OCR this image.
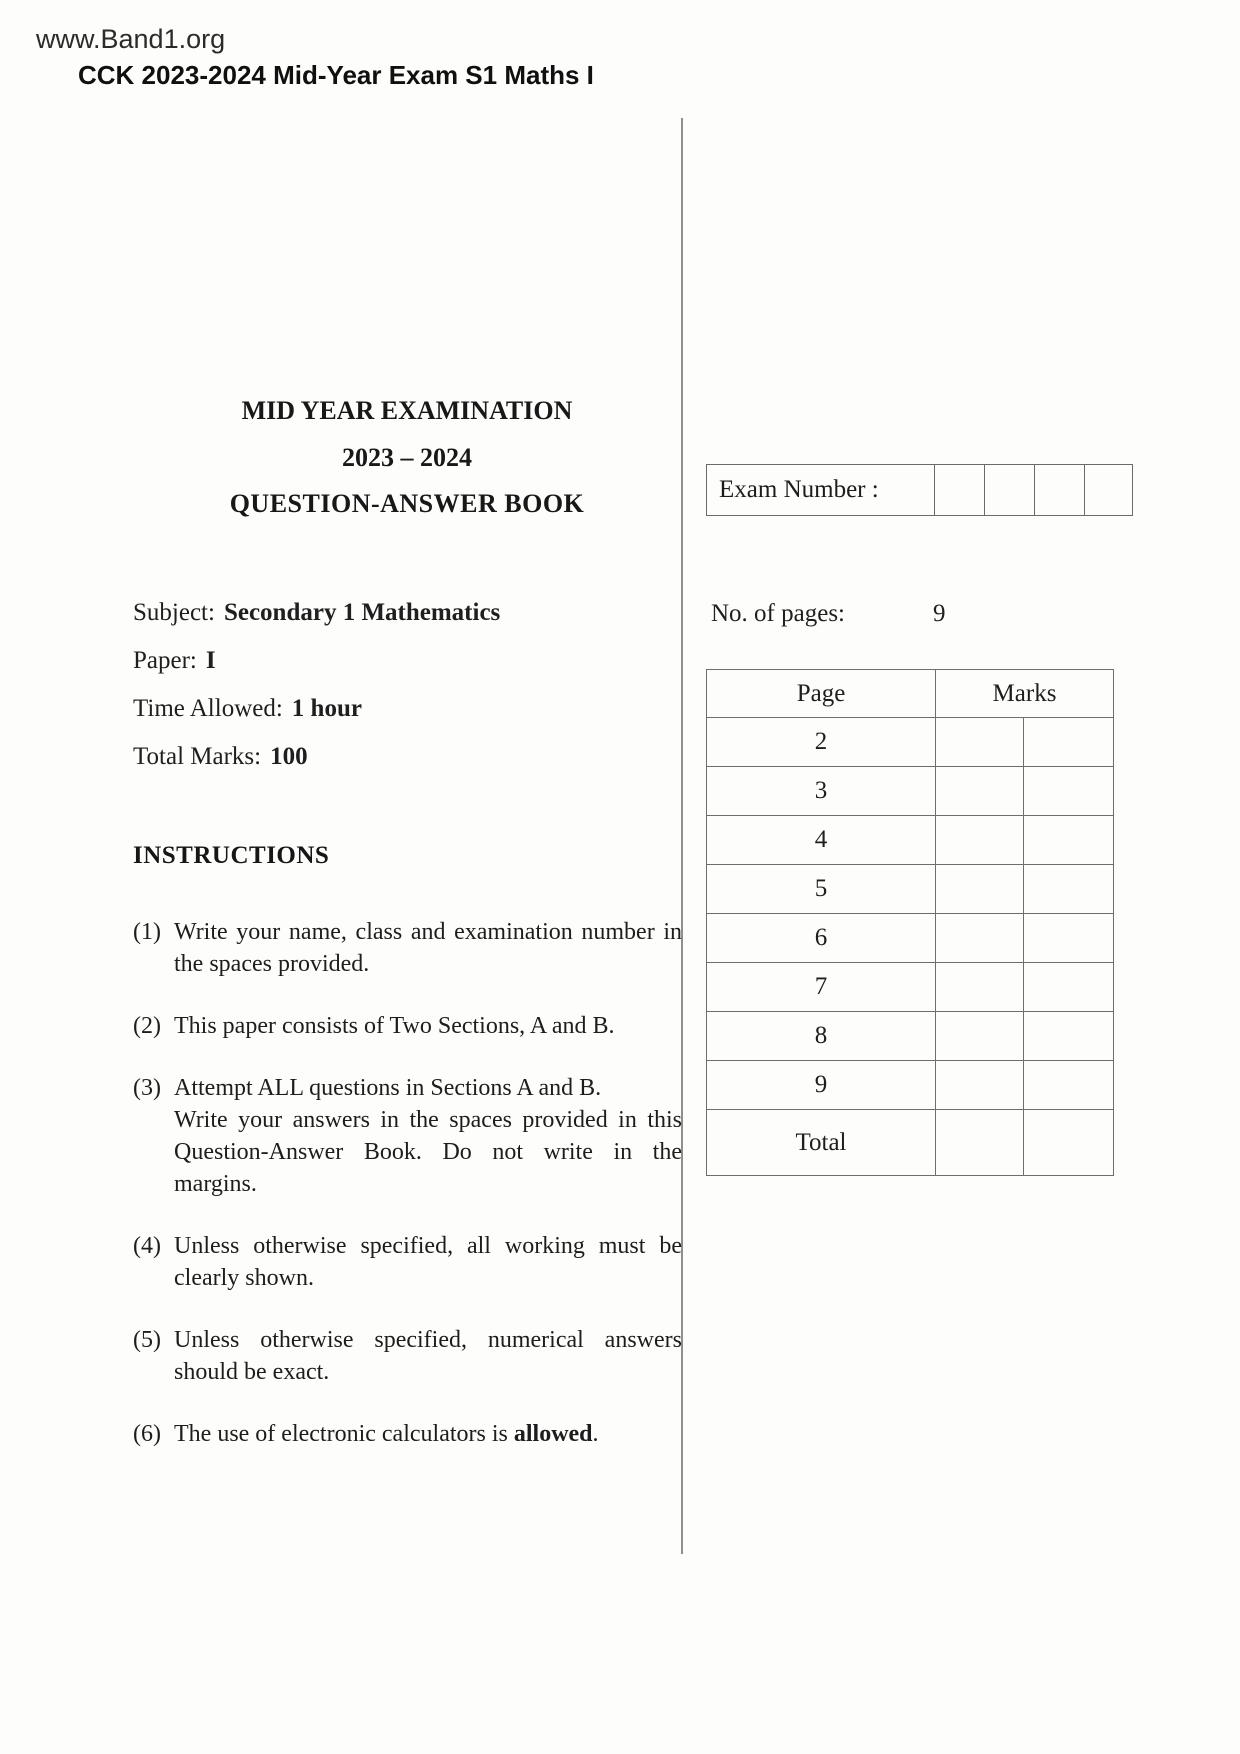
www.Band1.org
CCK 2023-2024 Mid-Year Exam S1 Maths I
MID YEAR EXAMINATION
2023 – 2024
QUESTION-ANSWER BOOK	Exam Number :
Subject: Secondary 1 Mathematics
Paper: I
Time Allowed: 1 hour
Total Marks: 100
No. of pages:	9
Page	Marks	
2		
3		
4		
5		
6		
7		
8		
9		
Total		
INSTRUCTIONS
(1) Write your name, class and examination number in
the spaces provided.
(2) This paper consists of Two Sections, A and B.
(3) Attempt ALL questions in Sections A and B.
Write your answers in the spaces provided in this
Question-Answer Book. Do not write in the
margins.
(4) Unless otherwise specified, all working must be
clearly shown.
(5) Unless otherwise specified, numerical answers
should be exact.
(6) The use of electronic calculators is allowed.
